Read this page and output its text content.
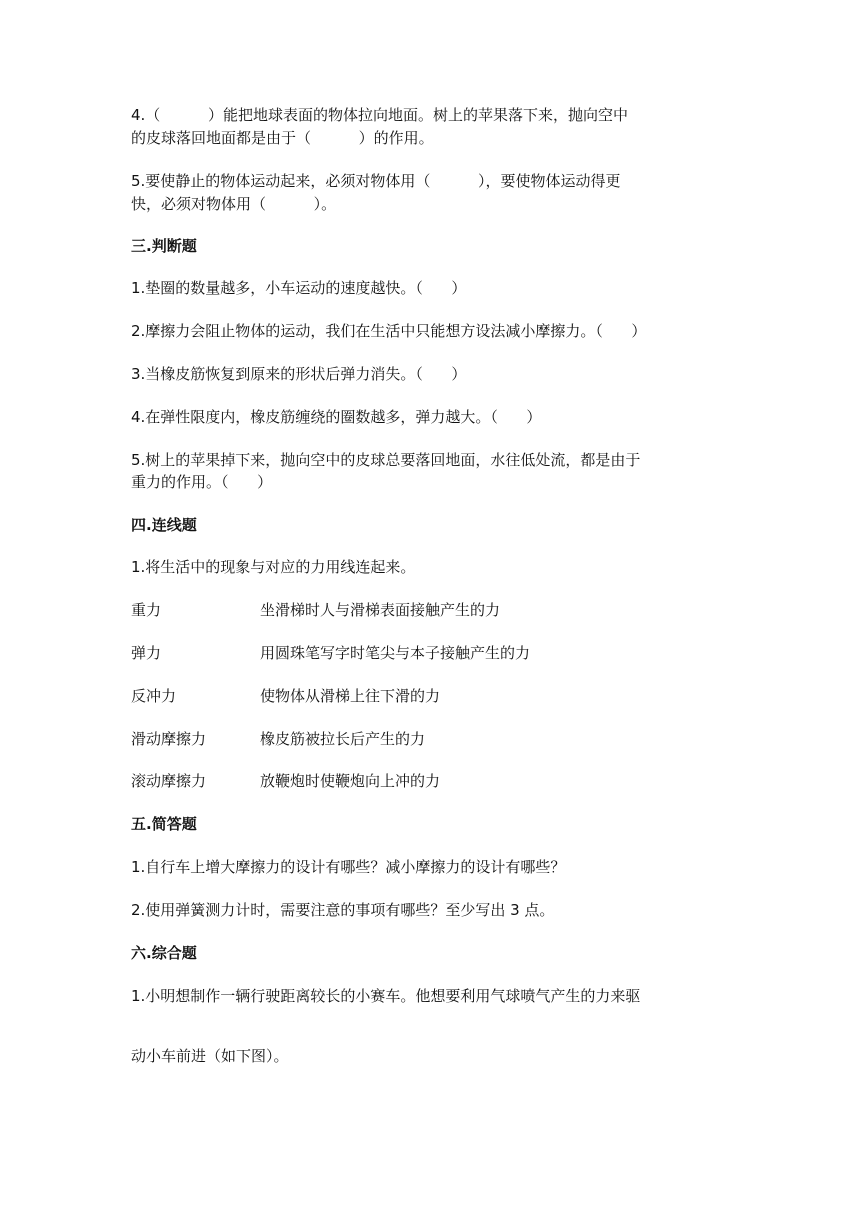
4.（          ）能把地球表面的物体拉向地面。树上的苹果落下来，抛向空中
的皮球落回地面都是由于（          ）的作用。
5.要使静止的物体运动起来，必须对物体用（          ），要使物体运动得更
快，必须对物体用（          ）。
三.判断题
1.垫圈的数量越多，小车运动的速度越快。（      ）
2.摩擦力会阻止物体的运动，我们在生活中只能想方设法减小摩擦力。（      ）
3.当橡皮筋恢复到原来的形状后弹力消失。（      ）
4.在弹性限度内，橡皮筋缠绕的圈数越多，弹力越大。（      ）
5.树上的苹果掉下来，抛向空中的皮球总要落回地面，水往低处流，都是由于
重力的作用。（      ）
四.连线题
1.将生活中的现象与对应的力用线连起来。
重力	坐滑梯时人与滑梯表面接触产生的力
弹力	用圆珠笔写字时笔尖与本子接触产生的力
反冲力	使物体从滑梯上往下滑的力
滑动摩擦力	橡皮筋被拉长后产生的力
滚动摩擦力	放鞭炮时使鞭炮向上冲的力
五.简答题
1.自行车上增大摩擦力的设计有哪些？减小摩擦力的设计有哪些？
2.使用弹簧测力计时，需要注意的事项有哪些？至少写出 3 点。
六.综合题
1.小明想制作一辆行驶距离较长的小赛车。他想要利用气球喷气产生的力来驱
动小车前进（如下图）。
